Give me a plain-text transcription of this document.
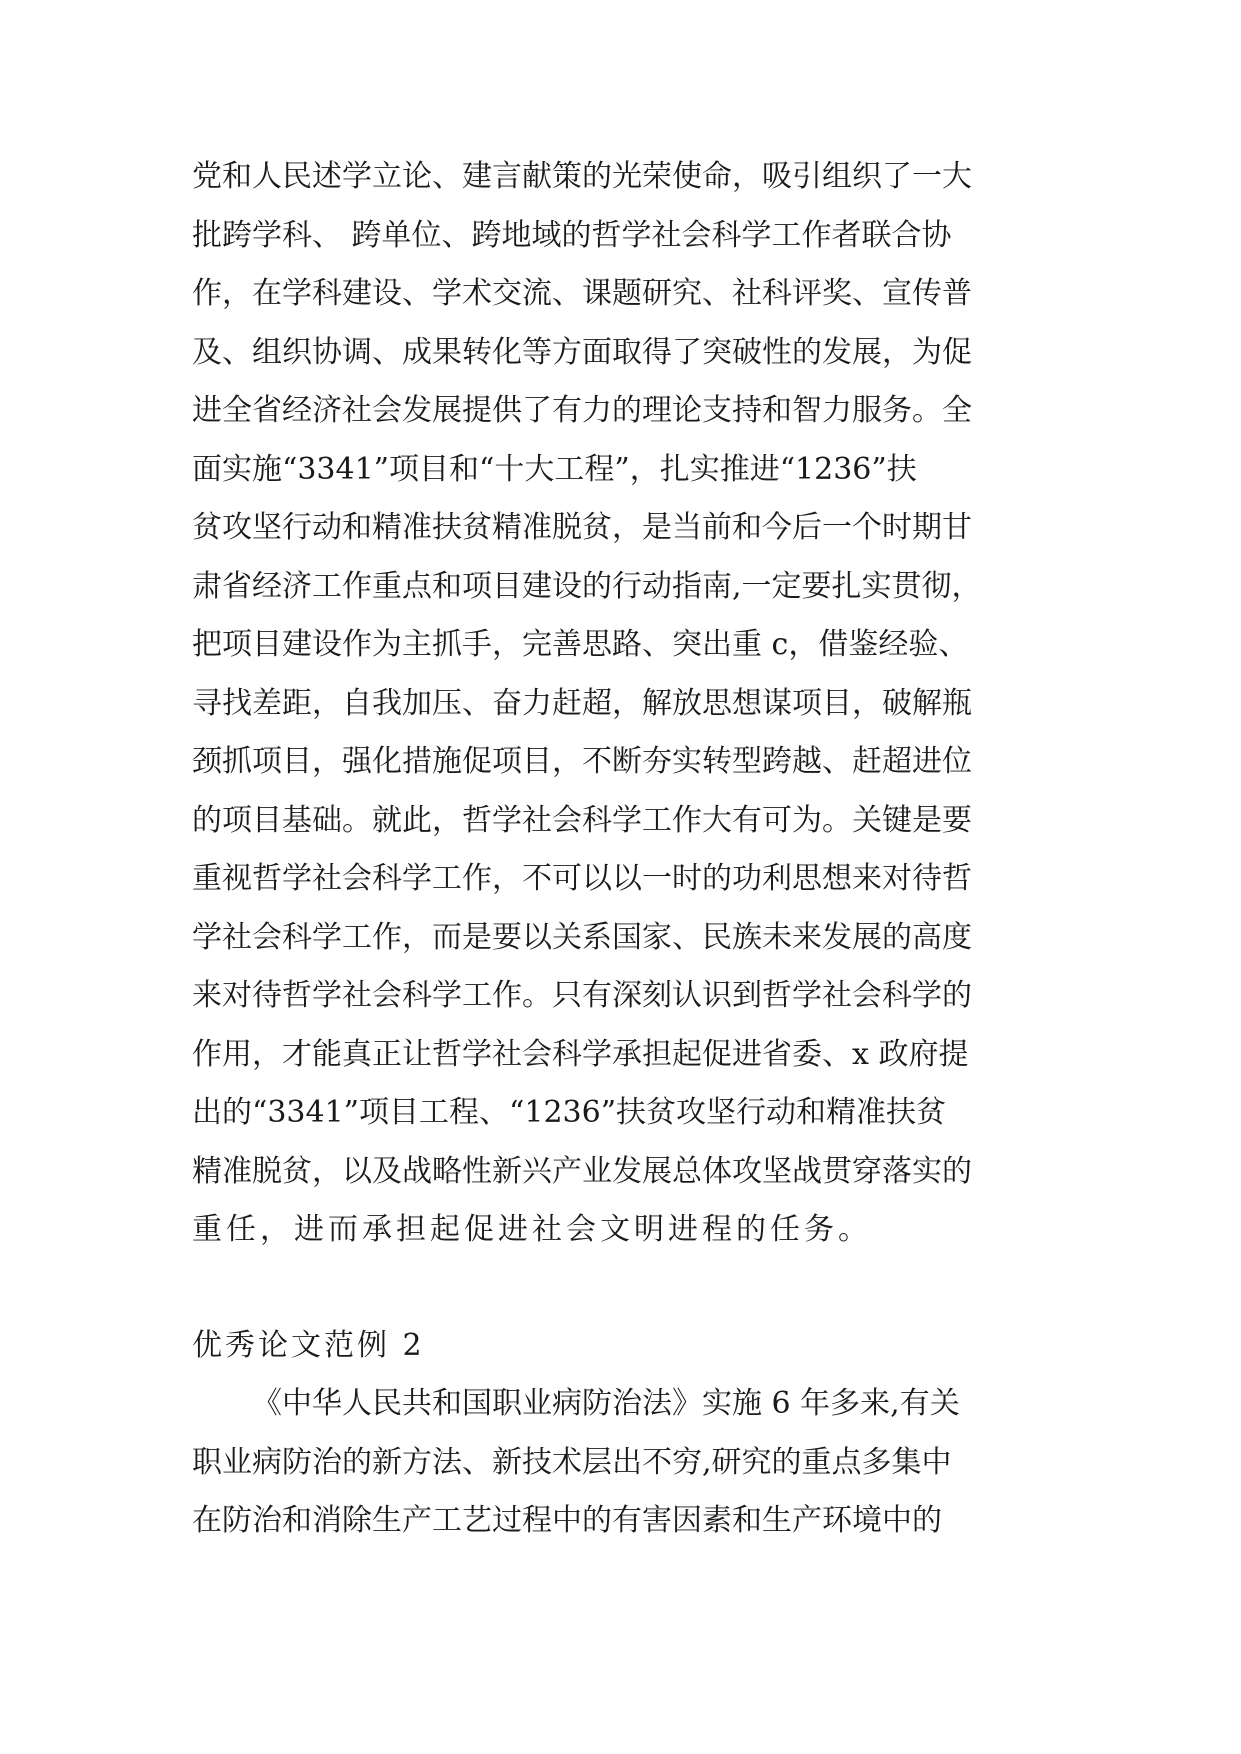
党和人民述学立论、建言献策的光荣使命，吸引组织了一大
批跨学科、 跨单位、跨地域的哲学社会科学工作者联合协
作，在学科建设、学术交流、课题研究、社科评奖、宣传普
及、组织协调、成果转化等方面取得了突破性的发展，为促
进全省经济社会发展提供了有力的理论支持和智力服务。全
面实施“3341”项目和“十大工程”，扎实推进“1236”扶
贫攻坚行动和精准扶贫精准脱贫，是当前和今后一个时期甘
肃省经济工作重点和项目建设的行动指南,一定要扎实贯彻，
把项目建设作为主抓手，完善思路、突出重 c，借鉴经验、
寻找差距，自我加压、奋力赶超，解放思想谋项目，破解瓶
颈抓项目，强化措施促项目，不断夯实转型跨越、赶超进位
的项目基础。就此，哲学社会科学工作大有可为。关键是要
重视哲学社会科学工作，不可以以一时的功利思想来对待哲
学社会科学工作，而是要以关系国家、民族未来发展的高度
来对待哲学社会科学工作。只有深刻认识到哲学社会科学的
作用，才能真正让哲学社会科学承担起促进省委、x 政府提
出的“3341”项目工程、“1236”扶贫攻坚行动和精准扶贫
精准脱贫，以及战略性新兴产业发展总体攻坚战贯穿落实的
重任，进而承担起促进社会文明进程的任务。
优秀论文范例 2
《中华人民共和国职业病防治法》实施 6 年多来,有关
职业病防治的新方法、新技术层出不穷,研究的重点多集中
在防治和消除生产工艺过程中的有害因素和生产环境中的
